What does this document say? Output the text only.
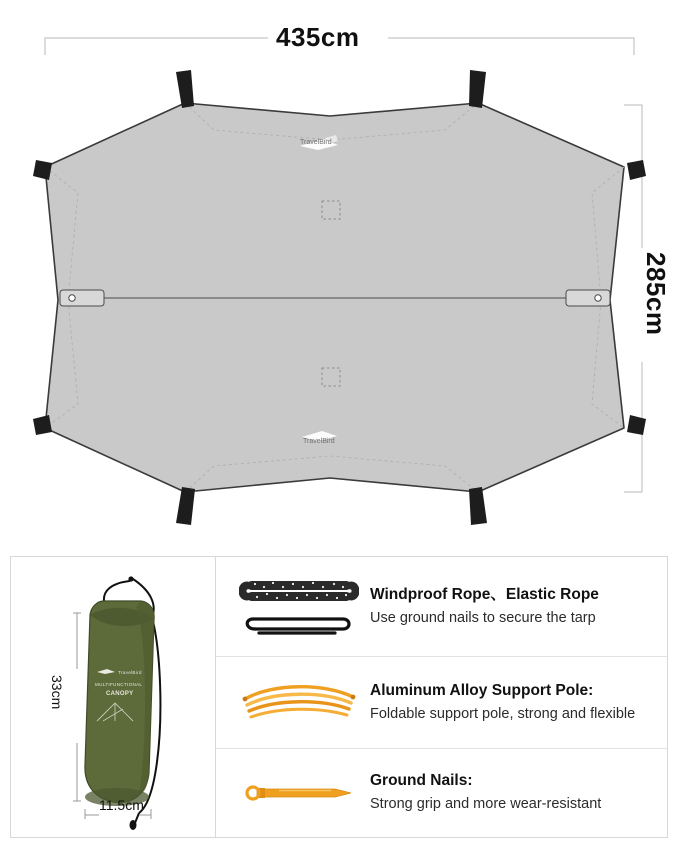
TravelBird
TravelBird
435cm
285cm
TravelBird
MULTIFUNCTIONAL
CANOPY
33cm
11.5cm
Windproof Rope、Elastic Rope
Use ground nails to secure the tarp
Aluminum Alloy Support Pole:
Foldable support pole, strong and flexible
Ground Nails:
Strong grip and more wear-resistant
